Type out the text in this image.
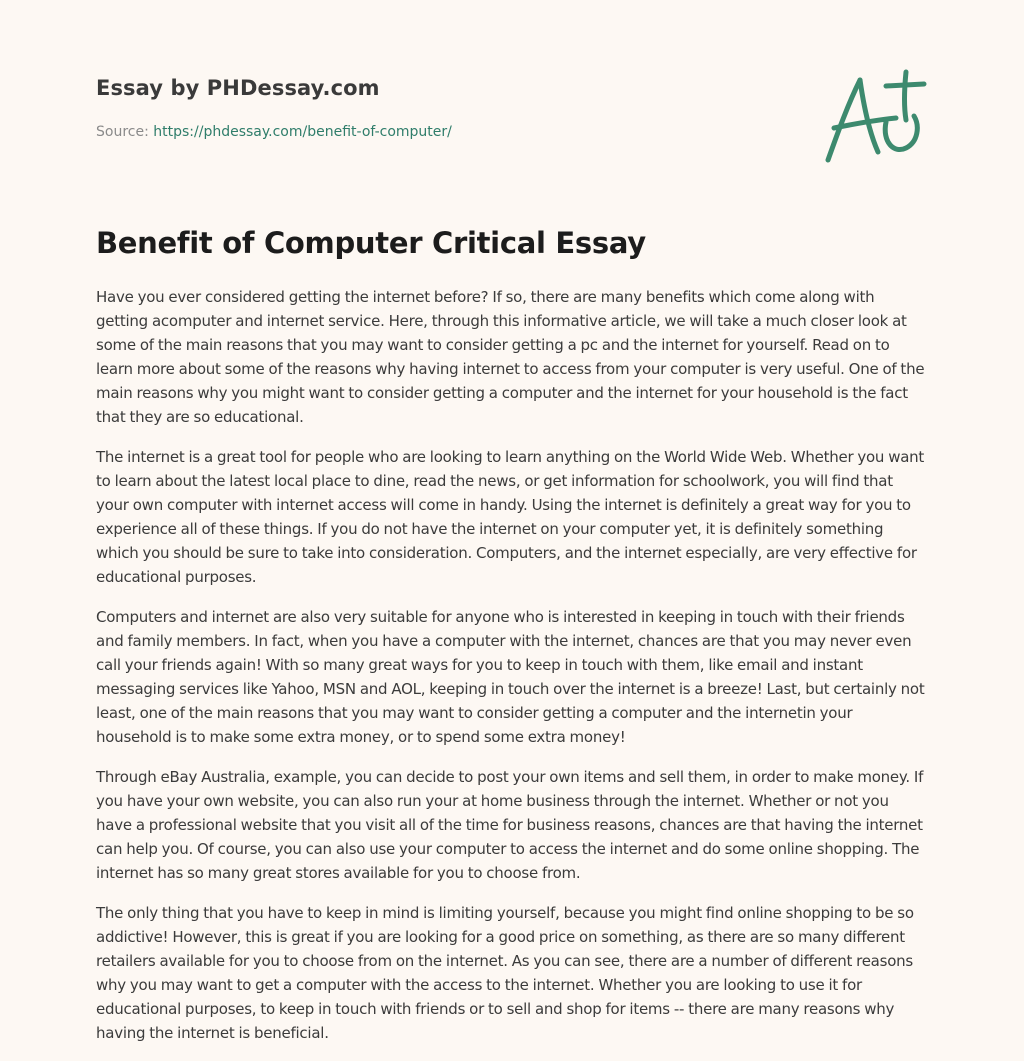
Essay by PHDessay.com
Source: https://phdessay.com/benefit-of-computer/
Benefit of Computer Critical Essay

Have you ever considered getting the internet before? If so, there are many benefits which come along with getting acomputer and internet service. Here, through this informative article, we will take a much closer look at some of the main reasons that you may want to consider getting a pc and the internet for yourself. Read on to learn more about some of the reasons why having internet to access from your computer is very useful. One of the main reasons why you might want to consider getting a computer and the internet for your household is the fact that they are so educational.

The internet is a great tool for people who are looking to learn anything on the World Wide Web. Whether you want to learn about the latest local place to dine, read the news, or get information for schoolwork, you will find that your own computer with internet access will come in handy. Using the internet is definitely a great way for you to experience all of these things. If you do not have the internet on your computer yet, it is definitely something which you should be sure to take into consideration. Computers, and the internet especially, are very effective for educational purposes.

Computers and internet are also very suitable for anyone who is interested in keeping in touch with their friends and family members. In fact, when you have a computer with the internet, chances are that you may never even call your friends again! With so many great ways for you to keep in touch with them, like email and instant messaging services like Yahoo, MSN and AOL, keeping in touch over the internet is a breeze! Last, but certainly not least, one of the main reasons that you may want to consider getting a computer and the internetin your household is to make some extra money, or to spend some extra money!

Through eBay Australia, example, you can decide to post your own items and sell them, in order to make money. If you have your own website, you can also run your at home business through the internet. Whether or not you have a professional website that you visit all of the time for business reasons, chances are that having the internet can help you. Of course, you can also use your computer to access the internet and do some online shopping. The internet has so many great stores available for you to choose from.

The only thing that you have to keep in mind is limiting yourself, because you might find online shopping to be so addictive! However, this is great if you are looking for a good price on something, as there are so many different retailers available for you to choose from on the internet. As you can see, there are a number of different reasons why you may want to get a computer with the access to the internet. Whether you are looking to use it for educational purposes, to keep in touch with friends or to sell and shop for items -- there are many reasons why having the internet is beneficial.
